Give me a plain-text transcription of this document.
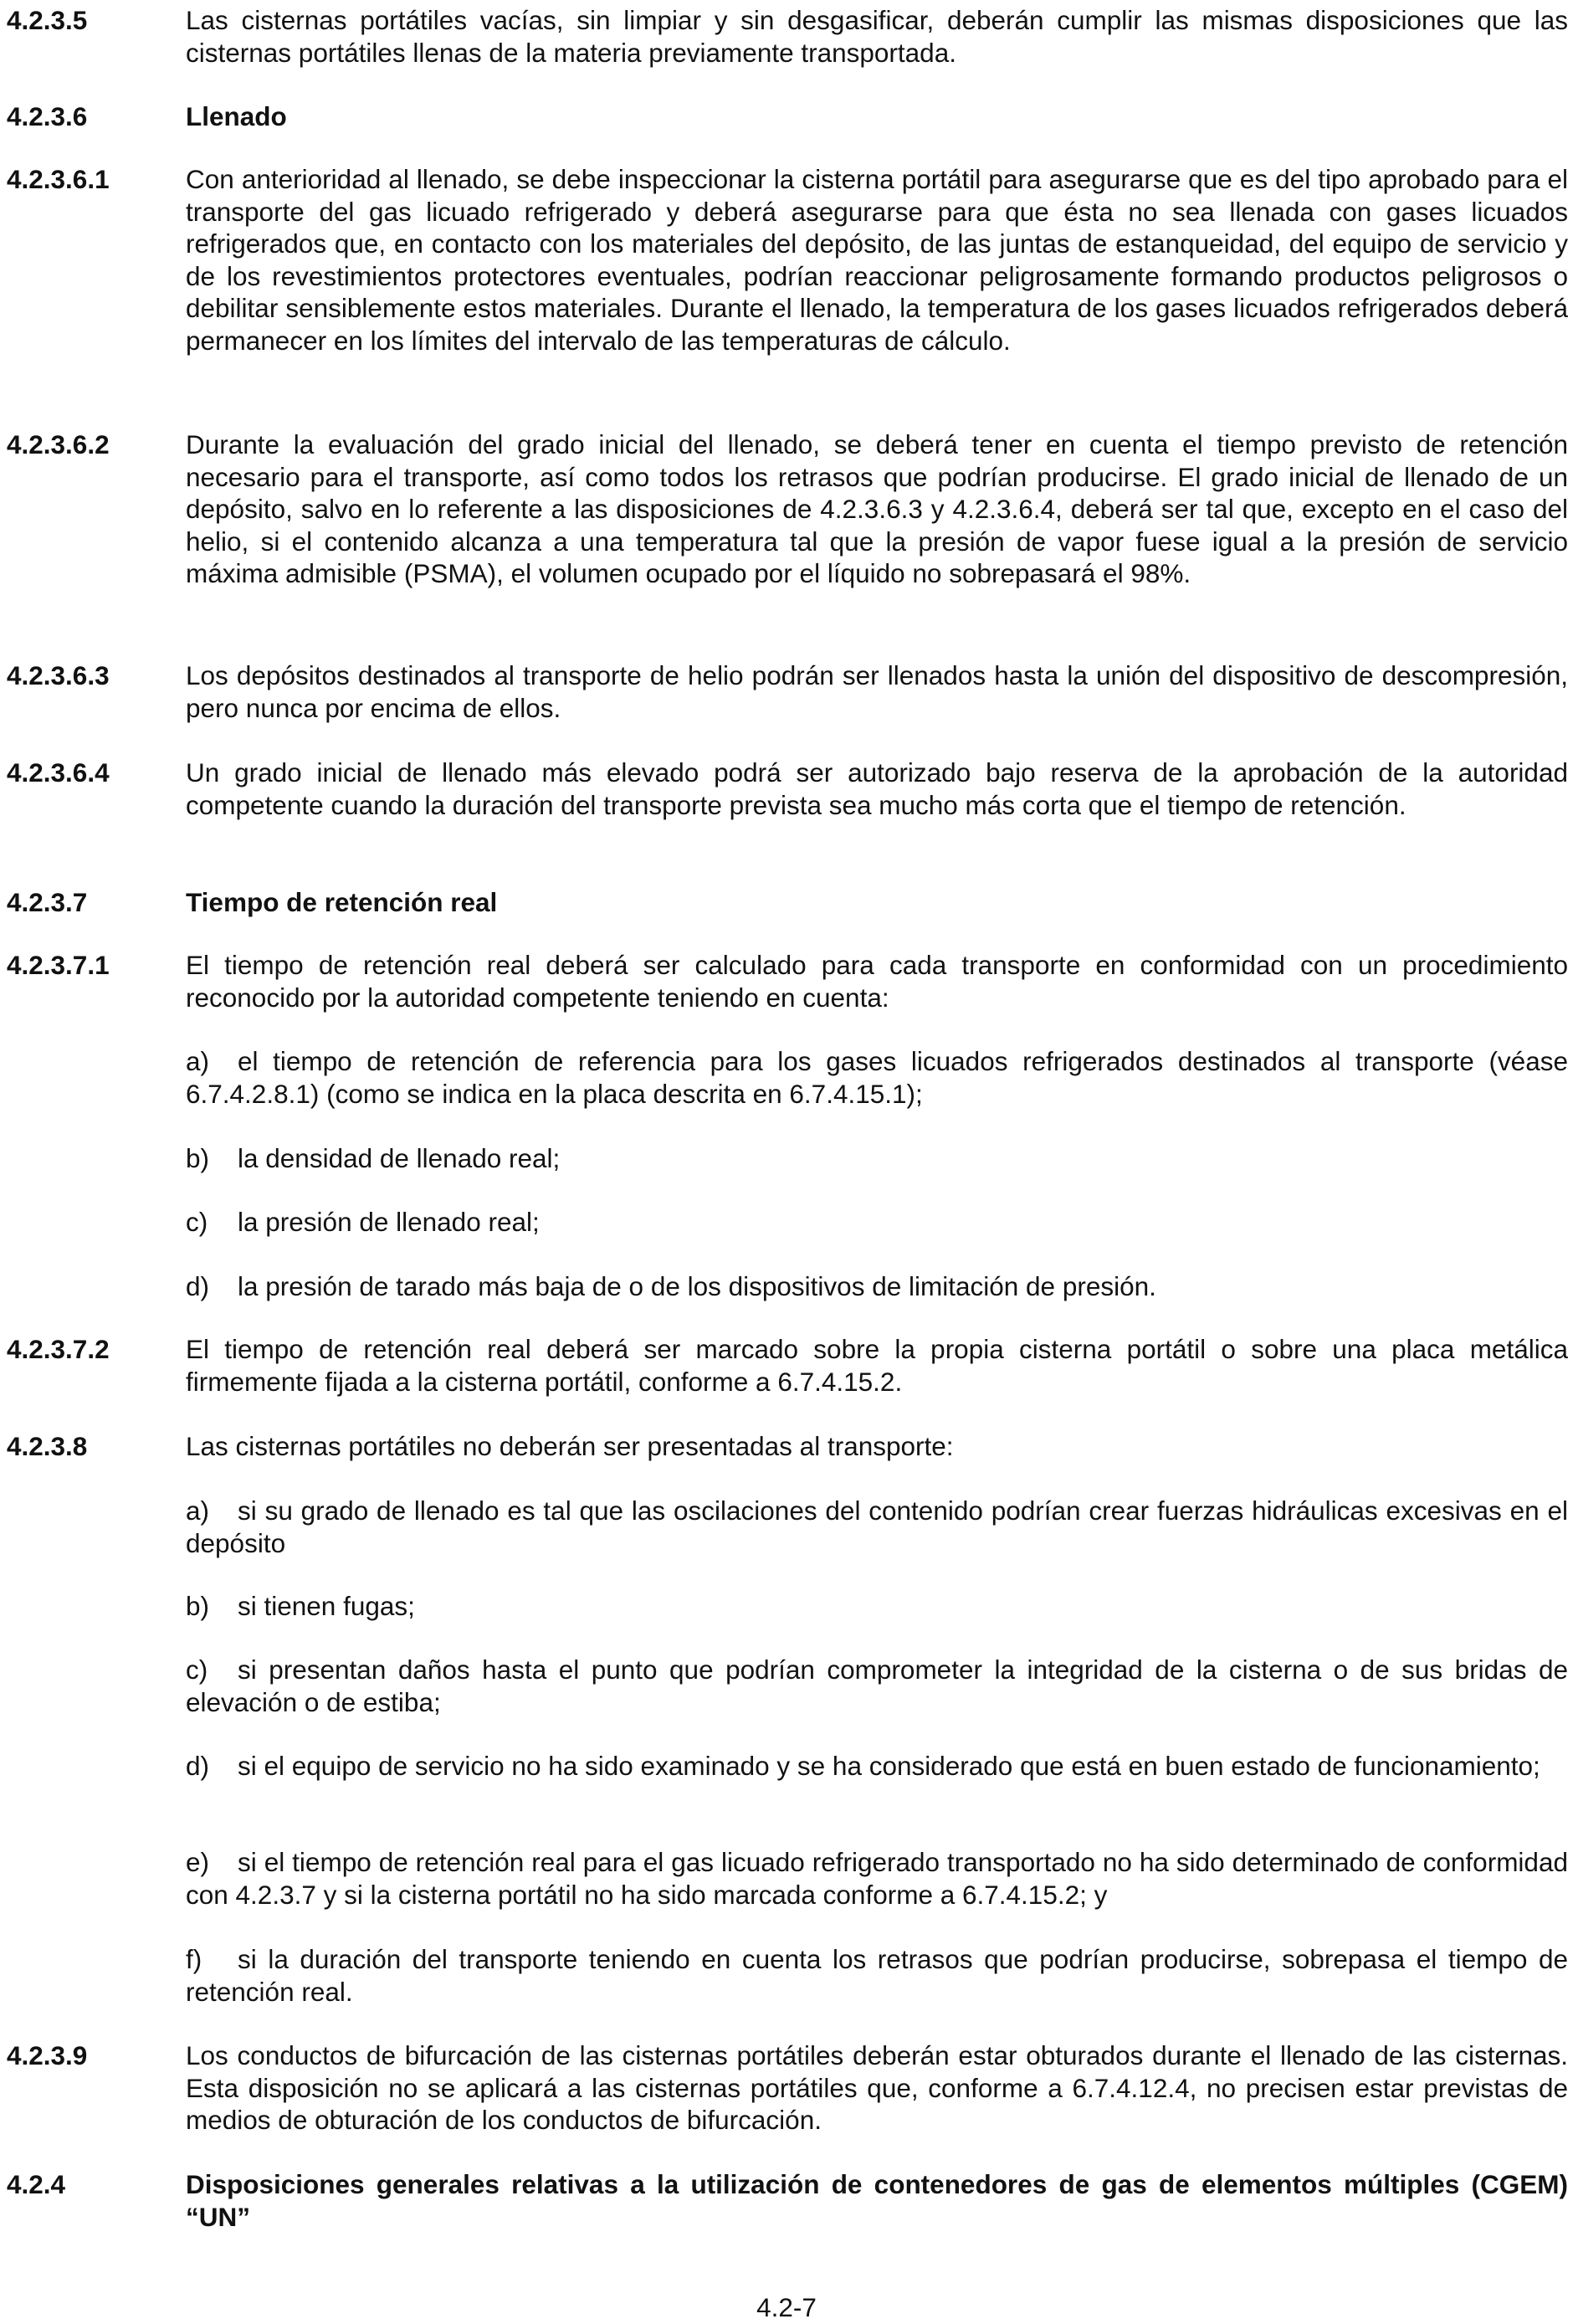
4.2.3.5	Las cisternas portátiles vacías, sin limpiar y sin desgasificar, deberán cumplir las mismas disposiciones que las cisternas portátiles llenas de la materia previamente transportada.
4.2.3.6	Llenado
4.2.3.6.1	Con anterioridad al llenado, se debe inspeccionar la cisterna portátil para asegurarse que es del tipo aprobado para el transporte del gas licuado refrigerado y deberá asegurarse para que ésta no sea llenada con gases licuados refrigerados que, en contacto con los materiales del depósito, de las juntas de estanqueidad, del equipo de servicio y de los revestimientos protectores eventuales, podrían reaccionar peligrosamente formando productos peligrosos o debilitar sensiblemente estos materiales. Durante el llenado, la temperatura de los gases licuados refrigerados deberá permanecer en los límites del intervalo de las temperaturas de cálculo.
4.2.3.6.2	Durante la evaluación del grado inicial del llenado, se deberá tener en cuenta el tiempo previsto de retención necesario para el transporte, así como todos los retrasos que podrían producirse. El grado inicial de llenado de un depósito, salvo en lo referente a las disposiciones de 4.2.3.6.3 y 4.2.3.6.4, deberá ser tal que, excepto en el caso del helio, si el contenido alcanza a una temperatura tal que la presión de vapor fuese igual a la presión de servicio máxima admisible (PSMA), el volumen ocupado por el líquido no sobrepasará el 98%.
4.2.3.6.3	Los depósitos destinados al transporte de helio podrán ser llenados hasta la unión del dispositivo de descompresión, pero nunca por encima de ellos.
4.2.3.6.4	Un grado inicial de llenado más elevado podrá ser autorizado bajo reserva de la aprobación de la autoridad competente cuando la duración del transporte prevista sea mucho más corta que el tiempo de retención.
4.2.3.7	Tiempo de retención real
4.2.3.7.1	El tiempo de retención real deberá ser calculado para cada transporte en conformidad con un procedimiento reconocido por la autoridad competente teniendo en cuenta:
a) el tiempo de retención de referencia para los gases licuados refrigerados destinados al transporte (véase 6.7.4.2.8.1) (como se indica en la placa descrita en 6.7.4.15.1);
b) la densidad de llenado real;
c) la presión de llenado real;
d) la presión de tarado más baja de o de los dispositivos de limitación de presión.
4.2.3.7.2	El tiempo de retención real deberá ser marcado sobre la propia cisterna portátil o sobre una placa metálica firmemente fijada a la cisterna portátil, conforme a 6.7.4.15.2.
4.2.3.8	Las cisternas portátiles no deberán ser presentadas al transporte:
a) si su grado de llenado es tal que las oscilaciones del contenido podrían crear fuerzas hidráulicas excesivas en el depósito
b) si tienen fugas;
c) si presentan daños hasta el punto que podrían comprometer la integridad de la cisterna o de sus bridas de elevación o de estiba;
d) si el equipo de servicio no ha sido examinado y se ha considerado que está en buen estado de funcionamiento;
e) si el tiempo de retención real para el gas licuado refrigerado transportado no ha sido determinado de conformidad con 4.2.3.7 y si la cisterna portátil no ha sido marcada conforme a 6.7.4.15.2; y
f) si la duración del transporte teniendo en cuenta los retrasos que podrían producirse, sobrepasa el tiempo de retención real.
4.2.3.9	Los conductos de bifurcación de las cisternas portátiles deberán estar obturados durante el llenado de las cisternas. Esta disposición no se aplicará a las cisternas portátiles que, conforme a 6.7.4.12.4, no precisen estar previstas de medios de obturación de los conductos de bifurcación.
4.2.4	Disposiciones generales relativas a la utilización de contenedores de gas de elementos múltiples (CGEM) “UN”
4.2-7
